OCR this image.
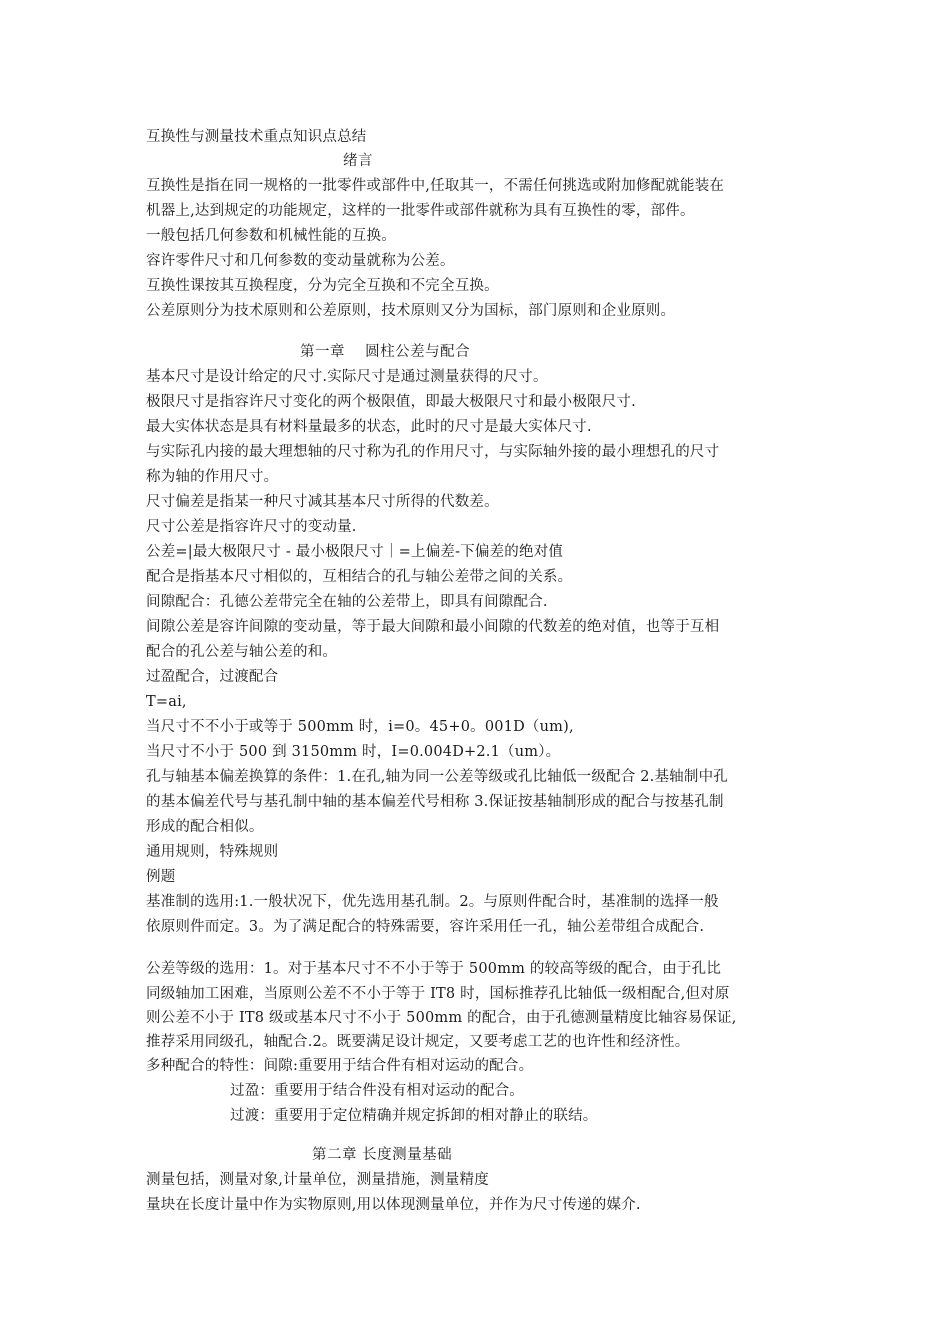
互换性与测量技术重点知识点总结
绪言
互换性是指在同一规格的一批零件或部件中,任取其一，不需任何挑选或附加修配就能装在
机器上,达到规定的功能规定，这样的一批零件或部件就称为具有互换性的零，部件。
一般包括几何参数和机械性能的互换。
容许零件尺寸和几何参数的变动量就称为公差。
互换性课按其互换程度，分为完全互换和不完全互换。
公差原则分为技术原则和公差原则，技术原则又分为国标，部门原则和企业原则。
第一章　 圆柱公差与配合
基本尺寸是设计给定的尺寸.实际尺寸是通过测量获得的尺寸。
极限尺寸是指容许尺寸变化的两个极限值，即最大极限尺寸和最小极限尺寸.
最大实体状态是具有材料量最多的状态，此时的尺寸是最大实体尺寸.
与实际孔内接的最大理想轴的尺寸称为孔的作用尺寸，与实际轴外接的最小理想孔的尺寸
称为轴的作用尺寸。
尺寸偏差是指某一种尺寸减其基本尺寸所得的代数差。
尺寸公差是指容许尺寸的变动量.
公差=|最大极限尺寸 - 最小极限尺寸｜=上偏差-下偏差的绝对值
配合是指基本尺寸相似的，互相结合的孔与轴公差带之间的关系。
间隙配合：孔德公差带完全在轴的公差带上，即具有间隙配合.
间隙公差是容许间隙的变动量，等于最大间隙和最小间隙的代数差的绝对值，也等于互相
配合的孔公差与轴公差的和。
过盈配合，过渡配合
T=ai,
当尺寸不不小于或等于 500mm 时，i=0。45+0。001D（um),
当尺寸不小于 500 到 3150mm 时，I=0.004D+2.1（um）。
孔与轴基本偏差换算的条件：1.在孔,轴为同一公差等级或孔比轴低一级配合 2.基轴制中孔
的基本偏差代号与基孔制中轴的基本偏差代号相称 3.保证按基轴制形成的配合与按基孔制
形成的配合相似。
通用规则，特殊规则
例题
基准制的选用:1.一般状况下，优先选用基孔制。2。与原则件配合时，基准制的选择一般
依原则件而定。3。为了满足配合的特殊需要，容许采用任一孔，轴公差带组合成配合.
公差等级的选用：1。对于基本尺寸不不小于等于 500mm 的较高等级的配合，由于孔比
同级轴加工困难，当原则公差不不小于等于 IT8 时，国标推荐孔比轴低一级相配合,但对原
则公差不小于 IT8 级或基本尺寸不小于 500mm 的配合，由于孔德测量精度比轴容易保证,
推荐采用同级孔，轴配合.2。既要满足设计规定，又要考虑工艺的也许性和经济性。
多种配合的特性：间隙:重要用于结合件有相对运动的配合。
过盈：重要用于结合件没有相对运动的配合。
过渡：重要用于定位精确并规定拆卸的相对静止的联结。
第二章 长度测量基础
测量包括，测量对象,计量单位，测量措施，测量精度
量块在长度计量中作为实物原则,用以体现测量单位，并作为尺寸传递的媒介.
